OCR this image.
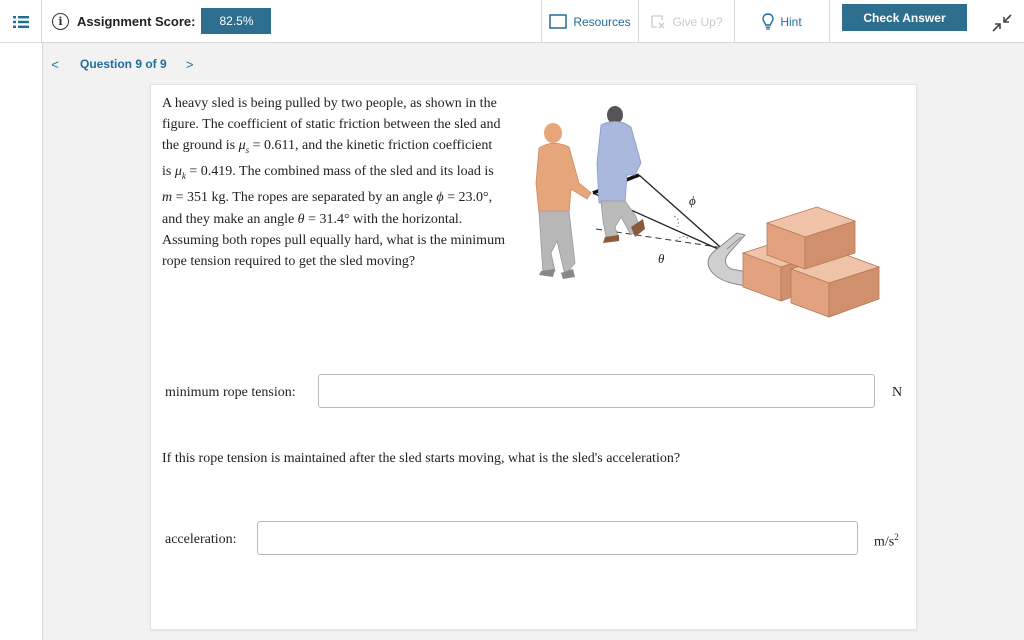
i	Assignment Score:	82.5%	Resources	Give Up?	Hint	Check Answer
< Question 9 of 9 >
A heavy sled is being pulled by two people, as shown in the
figure. The coefficient of static friction between the sled and
the ground is $\mu_s = 0.611$, and the kinetic friction coefficient
is $\mu_k = 0.419$. The combined mass of the sled and its load is
m = 351 kg. The ropes are separated by an angle ϕ = 23.0°,
and they make an angle θ = 31.4° with the horizontal.
Assuming both ropes pull equally hard, what is the minimum
rope tension required to get the sled moving?
ϕ
θ
minimum rope tension:	N
If this rope tension is maintained after the sled starts moving, what is the sled's acceleration?
acceleration:	$m/s^2$
